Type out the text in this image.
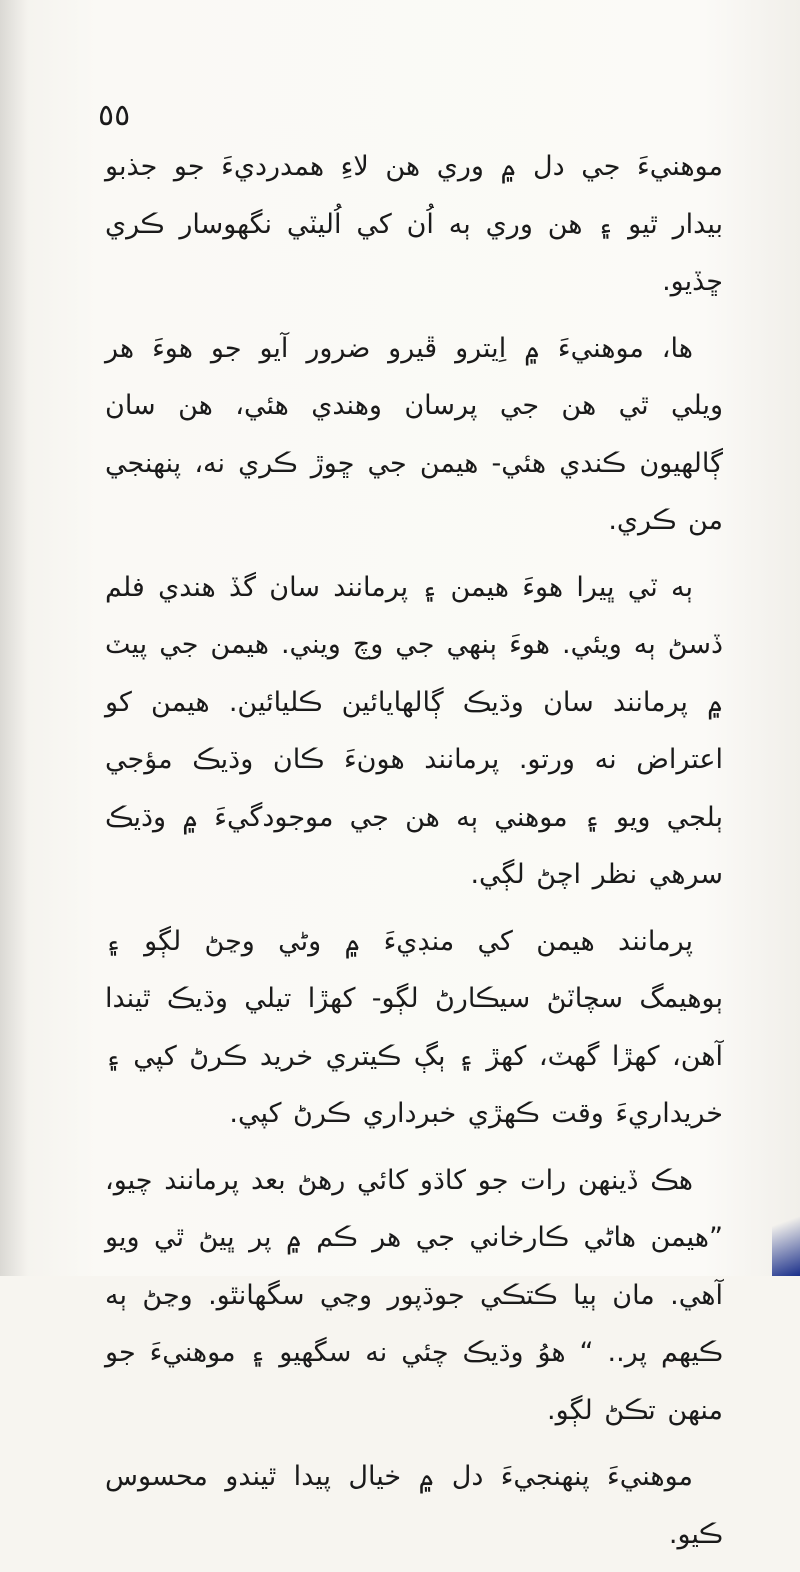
٥٥

موهنيءَ جي دل ۾ وري هن لاءِ همدرديءَ جو جذبو بيدار ٿيو ۽ هن وري ٻه اُن کي اُليٽي نگهوسار ڪري ڇڏيو.

ها، موهنيءَ ۾ اِيترو ڦيرو ضرور آيو جو هوءَ هر ويلي ٿي هن جي پرسان وهندي هئي، هن سان ڳالهيون ڪندي هئي- هيمن جي ڇوڙ ڪري نه، پنهنجي من ڪري.

ٻه ٽي ڀيرا هوءَ هيمن ۽ پرمانند سان گڏ هندي فلم ڏسڻ ٻه ويئي. هوءَ ٻنهي جي وچ ويني. هيمن جي پيٽ ۾ پرمانند سان وڌيڪ ڳالهايائين ڪليائين. هيمن کو اعتراض نه ورتو. پرمانند هونءَ ڪان وڌيڪ مؤجي ٻلجي ويو ۽ موهني ٻه هن جي موجودگيءَ ۾ وڌيڪ سرهي نظر اچڻ لڳي.

پرمانند هيمن کي منڊيءَ ۾ وڻي وڃڻ لڳو ۽ ٻوهيمگ سچاٽڻ سيڪارڻ لڳو- کهڙا تيلي وڌيڪ ٿيندا آهن، کهڙا گهٽ، کهڙ ۽ ٻڳ ڪيتري خريد ڪرڻ کپي ۽ خريداريءَ وقت ڪهڙي خبرداري ڪرڻ کپي.

هڪ ڏينهن رات جو کاڌو کائي رهڻ بعد پرمانند چيو، ”هيمن هاڻي ڪارخاني جي هر ڪم ۾ پر ڀيڻ ٿي ويو آهي. مان ٻيا ڪتڪي جوڌپور وڃي سگهانٿو. وڃڻ ٻه ڪيهم پر.. “ هوُ وڌيڪ چئي نه سگهيو ۽ موهنيءَ جو منهن تڪڻ لڳو.

موهنيءَ پنهنجيءَ دل ۾ خيال پيدا ٿيندو محسوس ڪيو.
